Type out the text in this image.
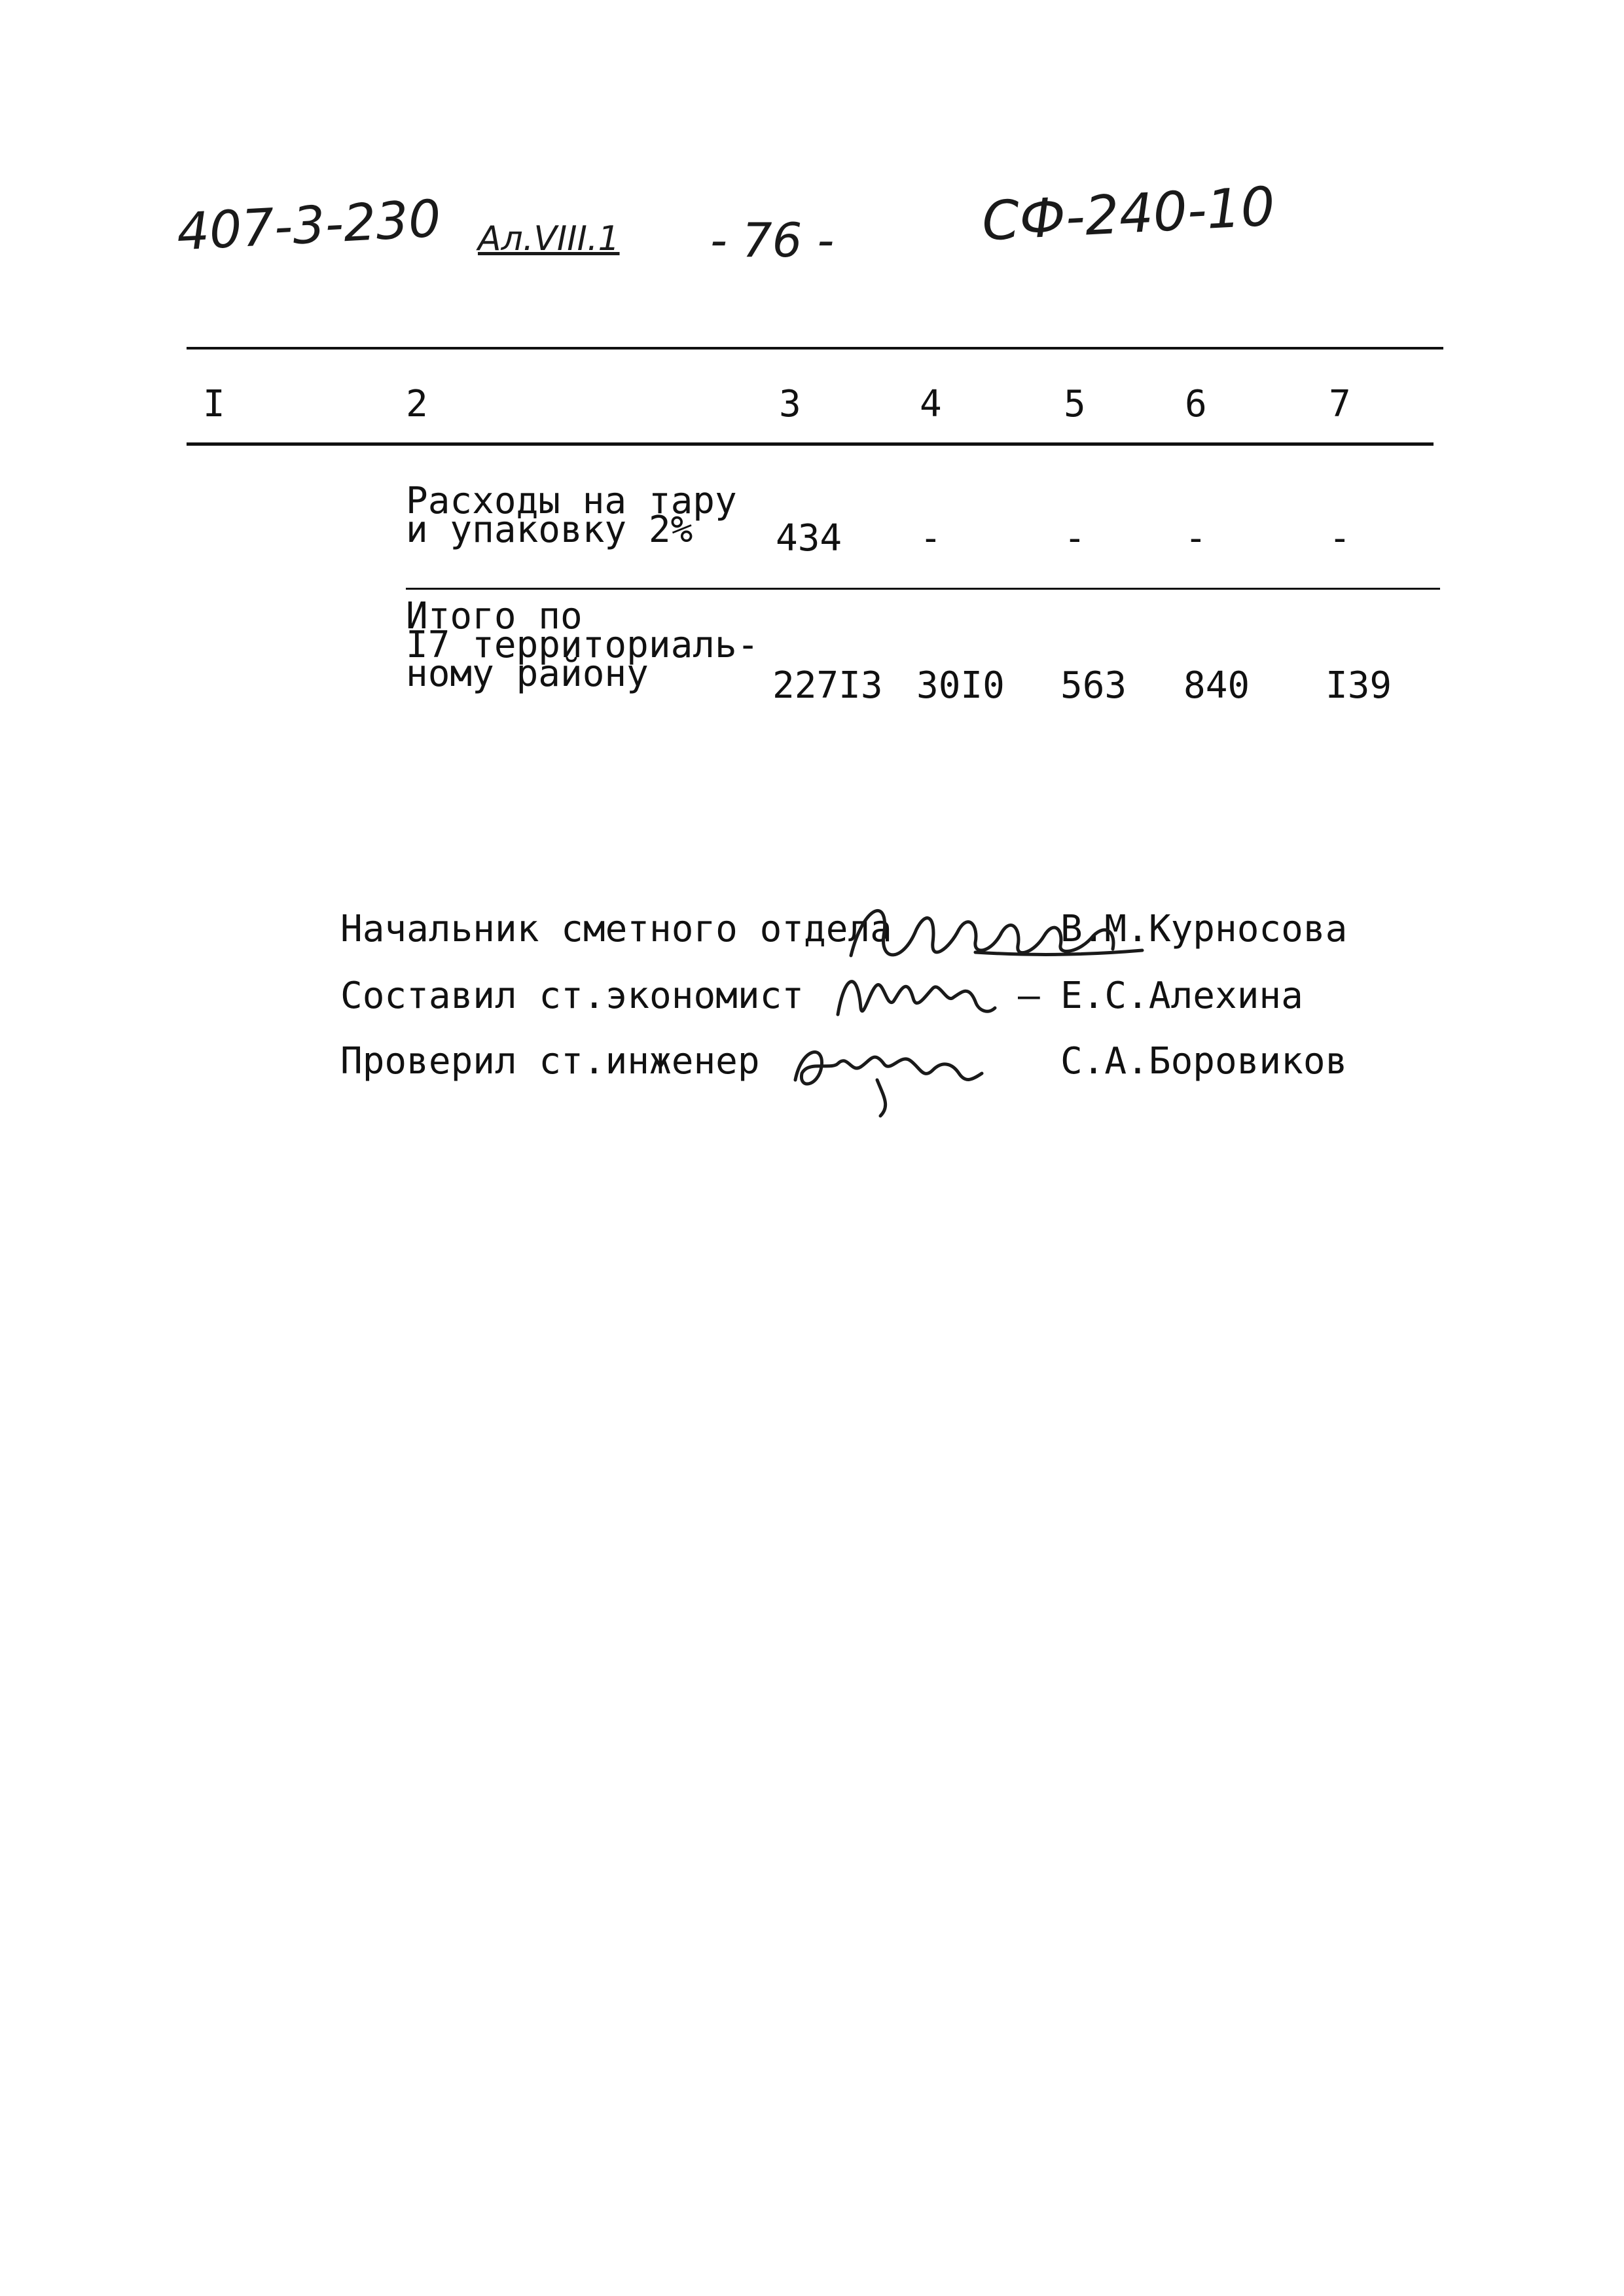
407-3-230 Ал.VIII.1 - 76 -	СФ-240-10
I	2	3	4	5	6	7
Расходы на тару
и упаковку 2%	434 -	-	-	-
Итого по
I7 территориаль-
ному району	227I3 30I0 563 840 I39
Начальник сметного отдела	В.М.Курносова
Составил ст.экономист	— Е.С.Алехина
Проверил ст.инженер	С.А.Боровиков
